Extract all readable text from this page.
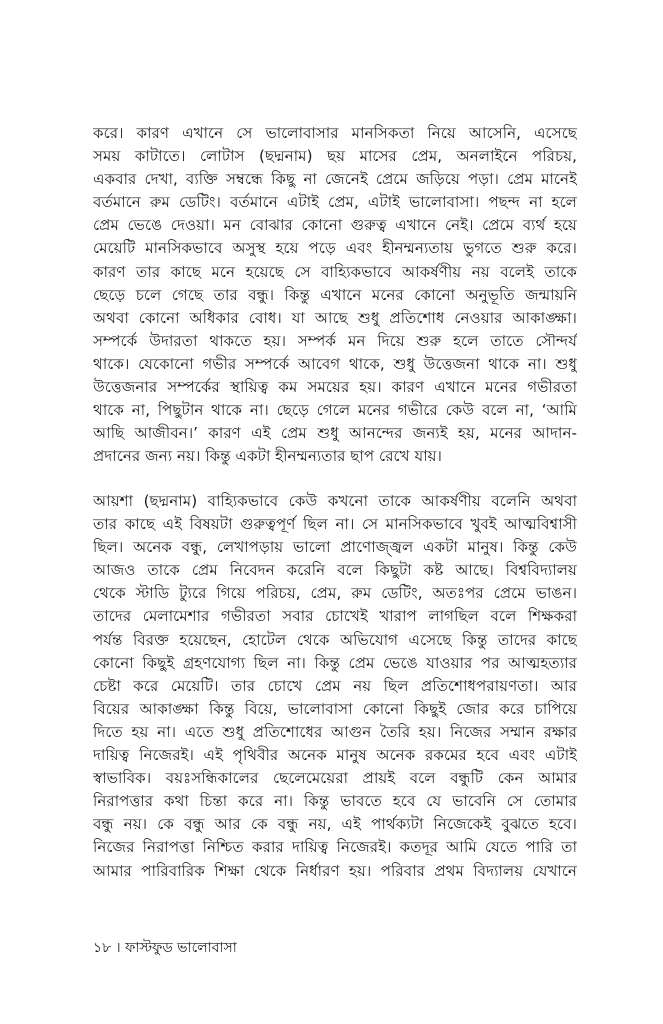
করে। কারণ এখানে সে ভালোবাসার মানসিকতা নিয়ে আসেনি, এসেছে
সময় কাটাতে। লোটাস (ছদ্মনাম) ছয় মাসের প্রেম, অনলাইনে পরিচয়,
একবার দেখা, ব্যক্তি সম্বন্ধে কিছু না জেনেই প্রেমে জড়িয়ে পড়া। প্রেম মানেই
বর্তমানে রুম ডেটিং। বর্তমানে এটাই প্রেম, এটাই ভালোবাসা। পছন্দ না হলে
প্রেম ভেঙে দেওয়া। মন বোঝার কোনো গুরুত্ব এখানে নেই। প্রেমে ব্যর্থ হয়ে
মেয়েটি মানসিকভাবে অসুস্থ হয়ে পড়ে এবং হীনম্মন্যতায় ভুগতে শুরু করে।
কারণ তার কাছে মনে হয়েছে সে বাহ্যিকভাবে আকর্ষণীয় নয় বলেই তাকে
ছেড়ে চলে গেছে তার বন্ধু। কিন্তু এখানে মনের কোনো অনুভূতি জন্মায়নি
অথবা কোনো অধিকার বোধ। যা আছে শুধু প্রতিশোধ নেওয়ার আকাঙ্ক্ষা।
সম্পর্কে উদারতা থাকতে হয়। সম্পর্ক মন দিয়ে শুরু হলে তাতে সৌন্দর্য
থাকে। যেকোনো গভীর সম্পর্কে আবেগ থাকে, শুধু উত্তেজনা থাকে না। শুধু
উত্তেজনার সম্পর্কের স্থায়িত্ব কম সময়ের হয়। কারণ এখানে মনের গভীরতা
থাকে না, পিছুটান থাকে না। ছেড়ে গেলে মনের গভীরে কেউ বলে না, ‘আমি
আছি আজীবন।’ কারণ এই প্রেম শুধু আনন্দের জন্যই হয়, মনের আদান-
প্রদানের জন্য নয়। কিন্তু একটা হীনম্মন্যতার ছাপ রেখে যায়।
আয়শা (ছদ্মনাম) বাহ্যিকভাবে কেউ কখনো তাকে আকর্ষণীয় বলেনি অথবা
তার কাছে এই বিষয়টা গুরুত্বপূর্ণ ছিল না। সে মানসিকভাবে খুবই আত্মবিশ্বাসী
ছিল। অনেক বন্ধু, লেখাপড়ায় ভালো প্রাণোজ্জ্বল একটা মানুষ। কিন্তু কেউ
আজও তাকে প্রেম নিবেদন করেনি বলে কিছুটা কষ্ট আছে। বিশ্ববিদ্যালয়
থেকে স্টাডি ট্যুরে গিয়ে পরিচয়, প্রেম, রুম ডেটিং, অতঃপর প্রেমে ভাঙন।
তাদের মেলামেশার গভীরতা সবার চোখেই খারাপ লাগছিল বলে শিক্ষকরা
পর্যন্ত বিরক্ত হয়েছেন, হোটেল থেকে অভিযোগ এসেছে কিন্তু তাদের কাছে
কোনো কিছুই গ্রহণযোগ্য ছিল না। কিন্তু প্রেম ভেঙে যাওয়ার পর আত্মহত্যার
চেষ্টা করে মেয়েটি। তার চোখে প্রেম নয় ছিল প্রতিশোধপরায়ণতা। আর
বিয়ের আকাঙ্ক্ষা কিন্তু বিয়ে, ভালোবাসা কোনো কিছুই জোর করে চাপিয়ে
দিতে হয় না। এতে শুধু প্রতিশোধের আগুন তৈরি হয়। নিজের সম্মান রক্ষার
দায়িত্ব নিজেরই। এই পৃথিবীর অনেক মানুষ অনেক রকমের হবে এবং এটাই
স্বাভাবিক। বয়ঃসন্ধিকালের ছেলেমেয়েরা প্রায়ই বলে বন্ধুটি কেন আমার
নিরাপত্তার কথা চিন্তা করে না। কিন্তু ভাবতে হবে যে ভাবেনি সে তোমার
বন্ধু নয়। কে বন্ধু আর কে বন্ধু নয়, এই পার্থক্যটা নিজেকেই বুঝতে হবে।
নিজের নিরাপত্তা নিশ্চিত করার দায়িত্ব নিজেরই। কতদূর আমি যেতে পারি তা
আমার পারিবারিক শিক্ষা থেকে নির্ধারণ হয়। পরিবার প্রথম বিদ্যালয় যেখানে
১৮ । ফাস্টফুড ভালোবাসা
